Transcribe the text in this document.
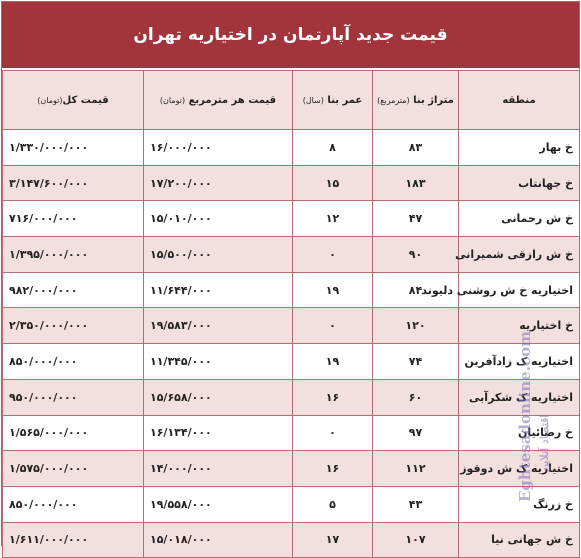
قیمت جدید آپارتمان در اختیاریه تهران
منطقه	متراژ بنا (مترمربع)	عمر بنا (سال)	قیمت هر مترمربع (تومان)	قیمت کل(تومان)
خ بهار	۸۳	۸	۱۶/۰۰۰/۰۰۰	۱/۳۳۰/۰۰۰/۰۰۰
خ جهانتاب	۱۸۳	۱۵	۱۷/۲۰۰/۰۰۰	۳/۱۴۷/۶۰۰/۰۰۰
خ ش رحمانی	۴۷	۱۲	۱۵/۰۱۰/۰۰۰	۷۱۶/۰۰۰/۰۰۰
خ ش رازقی شمیرانی	۹۰	۰	۱۵/۵۰۰/۰۰۰	۱/۳۹۵/۰۰۰/۰۰۰
اختیاریه خ ش روشنی دلیوند	۸۴	۱۹	۱۱/۶۴۴/۰۰۰	۹۸۲/۰۰۰/۰۰۰
خ اختیاریه	۱۲۰	۰	۱۹/۵۸۳/۰۰۰	۲/۳۵۰/۰۰۰/۰۰۰
اختیاریه ک زادآفرین	۷۴	۱۹	۱۱/۳۴۵/۰۰۰	۸۵۰/۰۰۰/۰۰۰
اختیاریه ک شکرآبی	۶۰	۱۶	۱۵/۶۵۸/۰۰۰	۹۵۰/۰۰۰/۰۰۰
خ رضائیان	۹۷	۰	۱۶/۱۳۴/۰۰۰	۱/۵۶۵/۰۰۰/۰۰۰
اختیاریه ک ش دوقوز	۱۱۲	۱۶	۱۴/۰۰۰/۰۰۰	۱/۵۷۵/۰۰۰/۰۰۰
خ زرنگ	۴۳	۵	۱۹/۵۵۸/۰۰۰	۸۵۰/۰۰۰/۰۰۰
خ ش جهانی نیا	۱۰۷	۱۷	۱۵/۰۱۸/۰۰۰	۱/۶۱۱/۰۰۰/۰۰۰
Eghtesadonline.com اقتصاد آنلاین
